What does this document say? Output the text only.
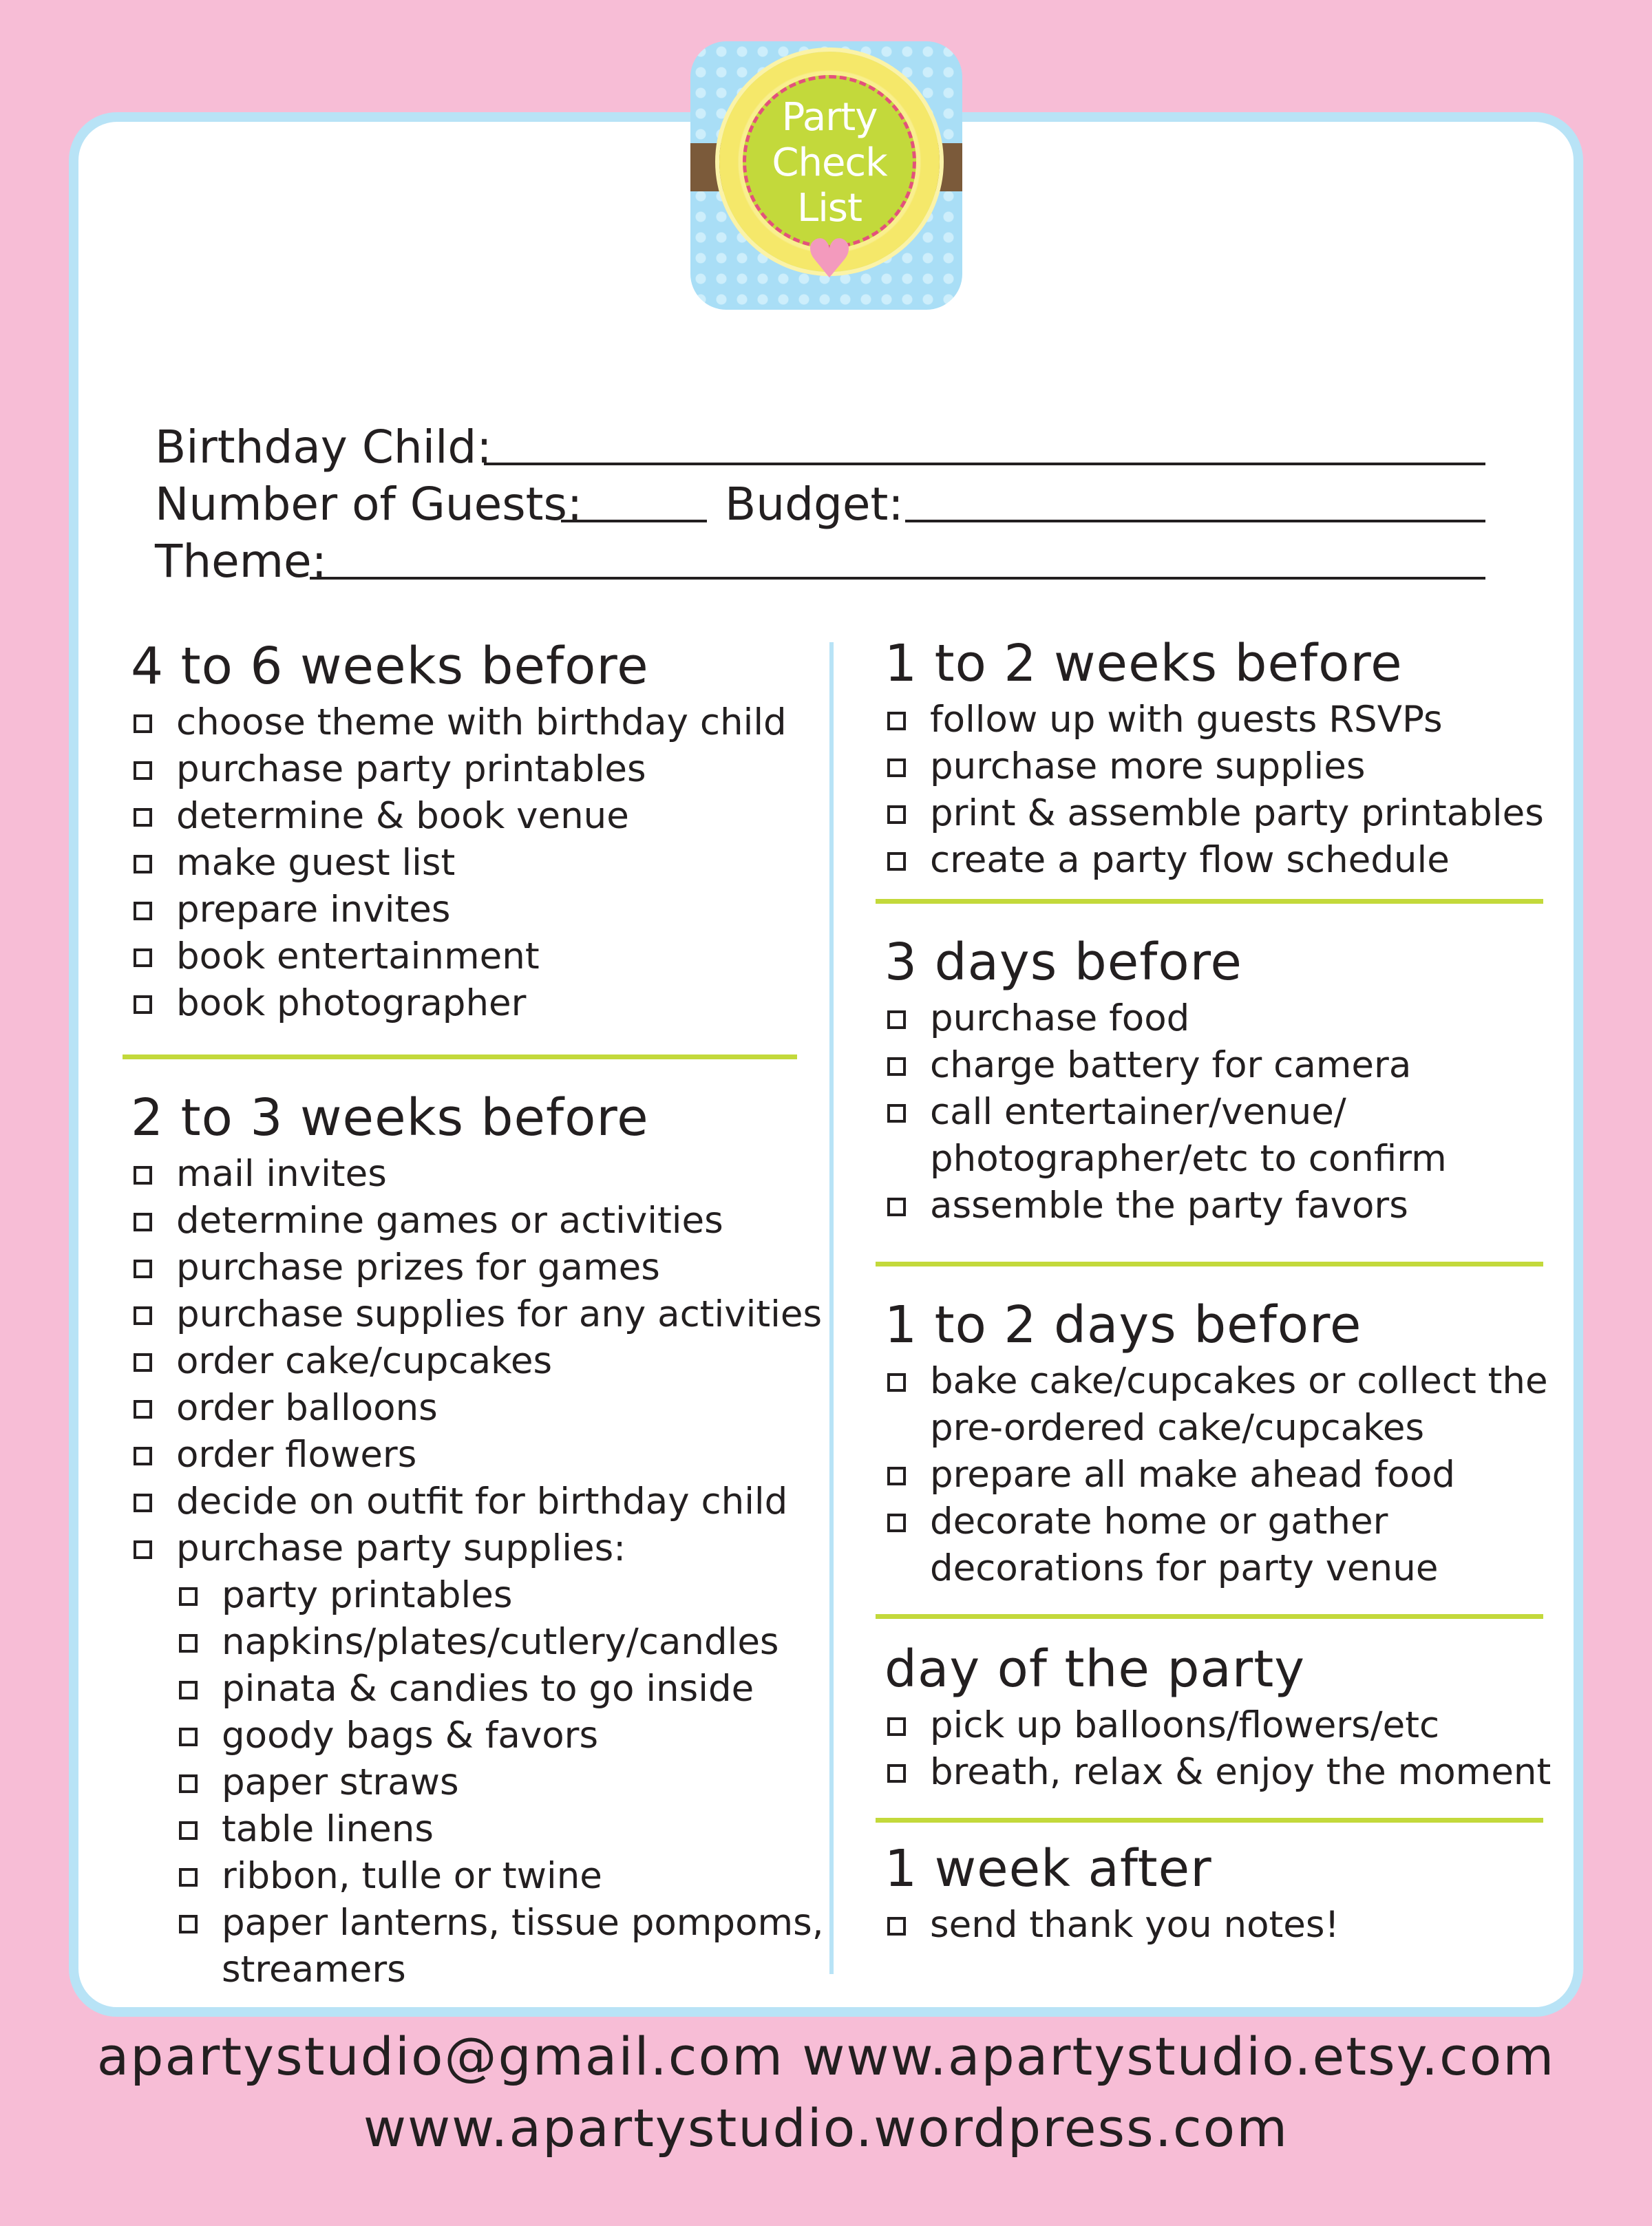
Party
Check List
♥
Birthday Child:
Number of Guests:	Budget:
Theme:
4 to 6 weeks before
choose theme with birthday child
purchase party printables
determine & book venue
make guest list
prepare invites
book entertainment
book photographer
2 to 3 weeks before
mail invites
determine games or activities
purchase prizes for games
purchase supplies for any activities
order cake/cupcakes
order balloons
order flowers
decide on outfit for birthday child
purchase party supplies:
party printables
napkins/plates/cutlery/candles
pinata & candies to go inside
goody bags & favors
paper straws
table linens
ribbon, tulle or twine
paper lanterns, tissue pompoms,
streamers
1 to 2 weeks before
follow up with guests RSVPs
purchase more supplies
print & assemble party printables
create a party flow schedule
3 days before
purchase food
charge battery for camera
call entertainer/venue/
photographer/etc to confirm
assemble the party favors
1 to 2 days before
bake cake/cupcakes or collect the
pre-ordered cake/cupcakes
prepare all make ahead food
decorate home or gather
decorations for party venue
day of the party
pick up balloons/flowers/etc
breath, relax & enjoy the moment
1 week after
send thank you notes!
apartystudio@gmail.com www.apartystudio.etsy.com
www.apartystudio.wordpress.com
